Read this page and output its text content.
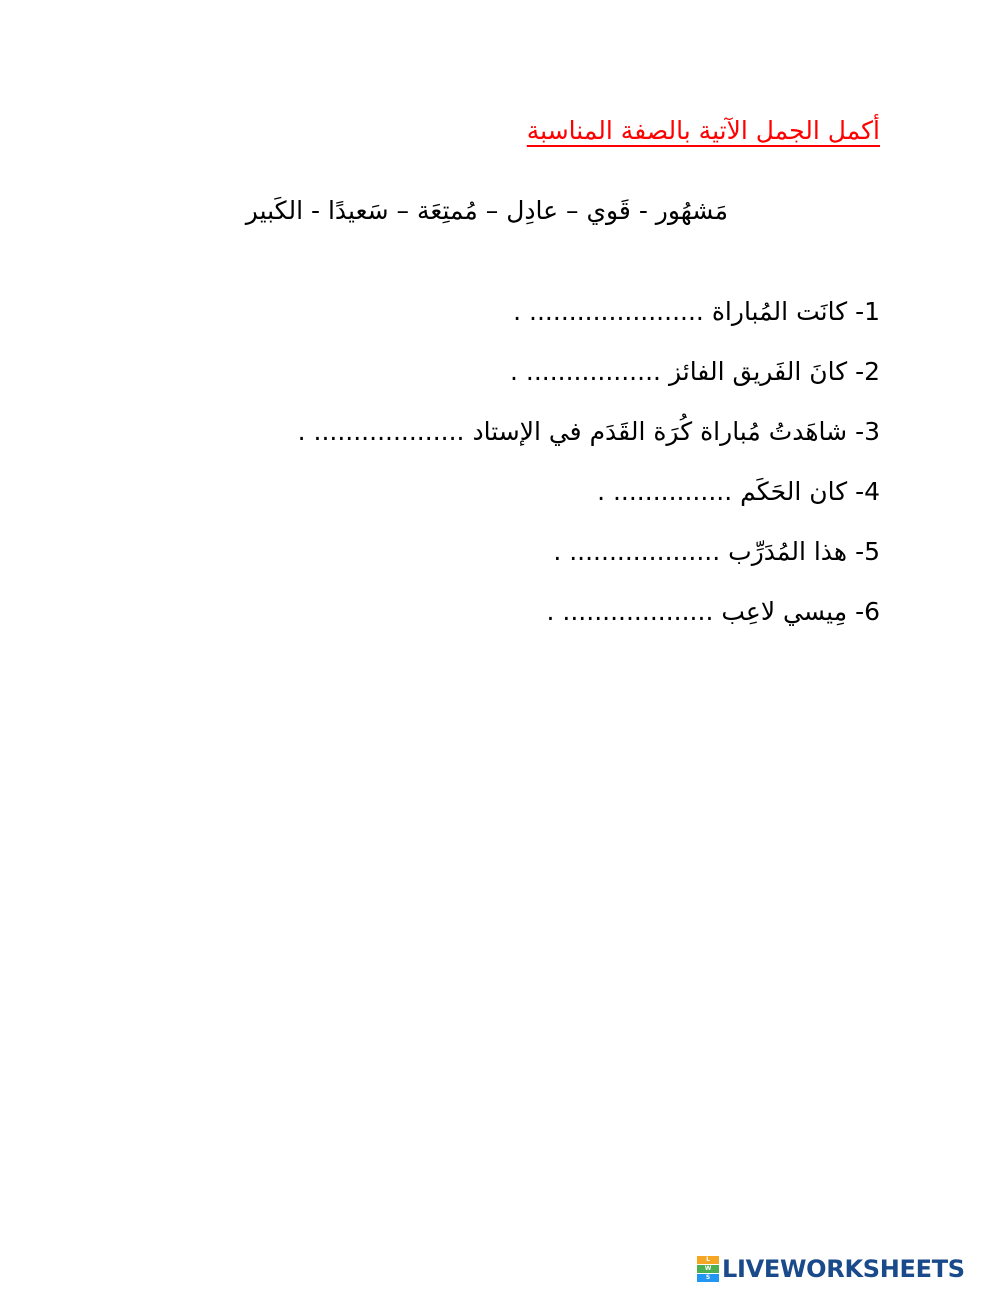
أكمل الجمل الآتية بالصفة المناسبة
مَشهُور - قَوي – عادِل – مُمتِعَة – سَعيدًا - الكَبير
1- كانَت المُباراة ...................... .
2- كانَ الفَريق الفائز ................. .
3- شاهَدتُ مُباراة كُرَة القَدَم في الإستاد ................... .
4- كان الحَكَم ............... .
5- هذا المُدَرِّب ................... .
6- مِيسي لاعِب ................... .
L
W
S LIVEWORKSHEETS
